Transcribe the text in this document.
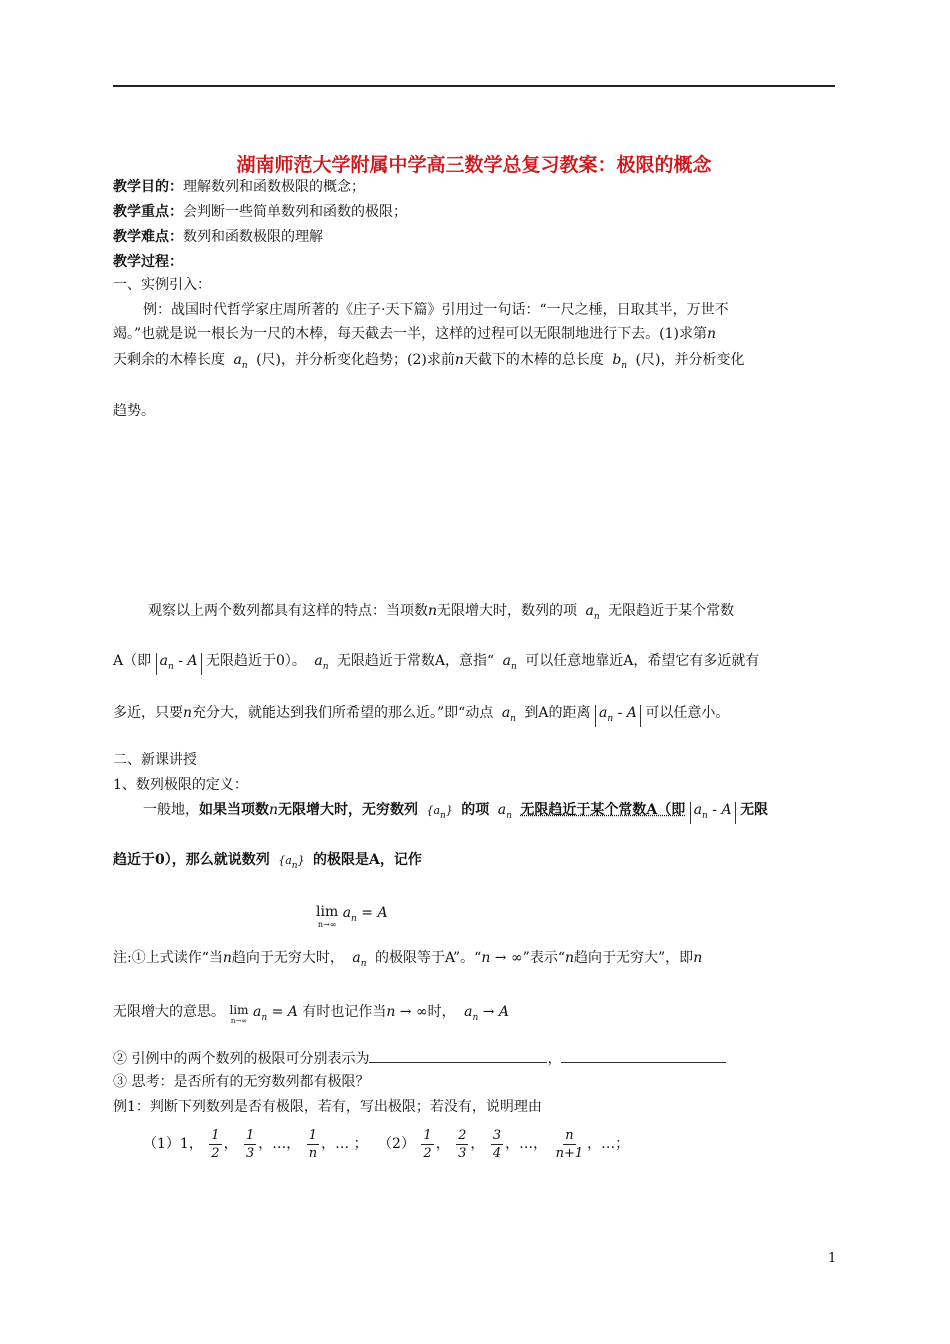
湖南师范大学附属中学高三数学总复习教案：极限的概念
教学目的：理解数列和函数极限的概念；
教学重点：会判断一些简单数列和函数的极限；
教学难点：数列和函数极限的理解
教学过程：
一、实例引入：
例：战国时代哲学家庄周所著的《庄子·天下篇》引用过一句话：“一尺之棰，日取其半，万世不
竭。”也就是说一根长为一尺的木棒，每天截去一半，这样的过程可以无限制地进行下去。(1)求第n
天剩余的木棒长度 $a_n$ (尺)，并分析变化趋势；(2)求前n天截下的木棒的总长度 $b_n$ (尺)，并分析变化
趋势。
观察以上两个数列都具有这样的特点：当项数n无限增大时，数列的项 $a_n$ 无限趋近于某个常数
A（即 $a_n$ - A 无限趋近于0）。 $a_n$ 无限趋近于常数A，意指“ $a_n$ 可以任意地靠近A，希望它有多近就有
多近，只要n充分大，就能达到我们所希望的那么近。”即“动点 $a_n$ 到A的距离 $a_n$ - A 可以任意小。
二、新课讲授
1、数列极限的定义：
一般地，如果当项数n无限增大时，无穷数列 $\{a_n\}$ 的项 $a_n$ 无限趋近于某个常数A（即 $a_n$ - A 无限
趋近于0），那么就说数列 $\{a_n\}$ 的极限是A，记作
lim
n→∞
$a_n = A$
注:①上式读作“当n趋向于无穷大时， $a_n$ 的极限等于A”。“n → ∞”表示“n趋向于无穷大”，即n
无限增大的意思。 lim
n→∞
$a_n = A$ 有时也记作当n → ∞时， $a_n \to A$
② 引例中的两个数列的极限可分别表示为	，
③ 思考：是否所有的无穷数列都有极限？
例1：判断下列数列是否有极限，若有，写出极限；若没有，说明理由
（1）1， $\frac{1}{2}$ ， $\frac{1}{3}$ ，…， $\frac{1}{n}$ ，… ； $(2) \frac{1}{2}$ ， $\frac{2}{3}$ ， $\frac{3}{4}$ ，…， $\frac{n}{n+1}$ ，…；
1
